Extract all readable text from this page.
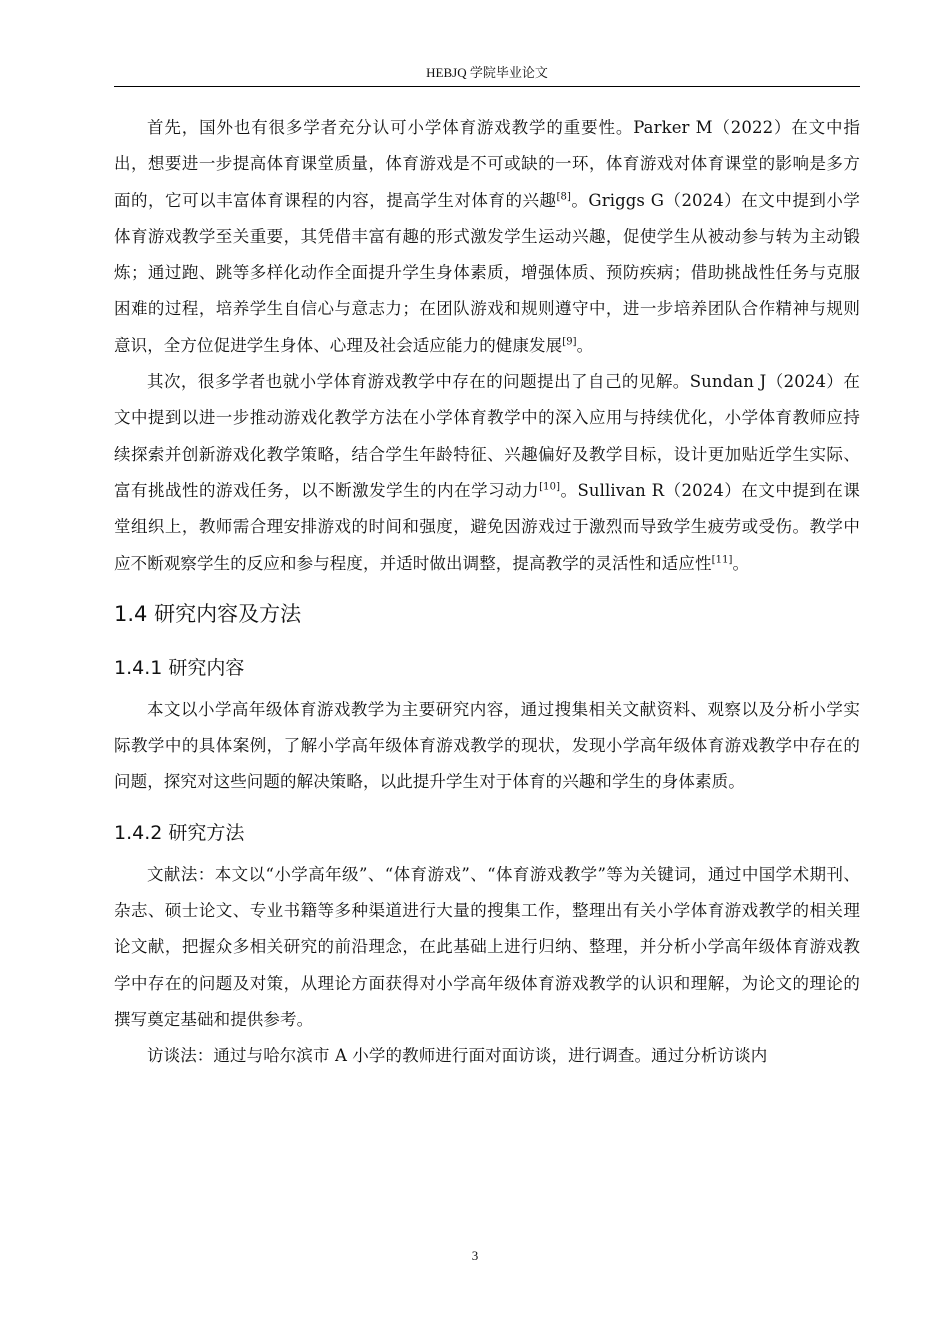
HEBJQ 学院毕业论文

首先，国外也有很多学者充分认可小学体育游戏教学的重要性。Parker M（2022）在文中指出，想要进一步提高体育课堂质量，体育游戏是不可或缺的一环，体育游戏对体育课堂的影响是多方面的，它可以丰富体育课程的内容，提高学生对体育的兴趣[8]。Griggs G（2024）在文中提到小学体育游戏教学至关重要，其凭借丰富有趣的形式激发学生运动兴趣，促使学生从被动参与转为主动锻炼；通过跑、跳等多样化动作全面提升学生身体素质，增强体质、预防疾病；借助挑战性任务与克服困难的过程，培养学生自信心与意志力；在团队游戏和规则遵守中，进一步培养团队合作精神与规则意识，全方位促进学生身体、心理及社会适应能力的健康发展[9]。

其次，很多学者也就小学体育游戏教学中存在的问题提出了自己的见解。Sundan J（2024）在文中提到以进一步推动游戏化教学方法在小学体育教学中的深入应用与持续优化，小学体育教师应持续探索并创新游戏化教学策略，结合学生年龄特征、兴趣偏好及教学目标，设计更加贴近学生实际、富有挑战性的游戏任务，以不断激发学生的内在学习动力[10]。Sullivan R（2024）在文中提到在课堂组织上，教师需合理安排游戏的时间和强度，避免因游戏过于激烈而导致学生疲劳或受伤。教学中应不断观察学生的反应和参与程度，并适时做出调整，提高教学的灵活性和适应性[11]。

1.4 研究内容及方法
1.4.1 研究内容

本文以小学高年级体育游戏教学为主要研究内容，通过搜集相关文献资料、观察以及分析小学实际教学中的具体案例，了解小学高年级体育游戏教学的现状，发现小学高年级体育游戏教学中存在的问题，探究对这些问题的解决策略，以此提升学生对于体育的兴趣和学生的身体素质。

1.4.2 研究方法

文献法：本文以“小学高年级”、“体育游戏”、“体育游戏教学”等为关键词，通过中国学术期刊、杂志、硕士论文、专业书籍等多种渠道进行大量的搜集工作，整理出有关小学体育游戏教学的相关理论文献，把握众多相关研究的前沿理念，在此基础上进行归纳、整理，并分析小学高年级体育游戏教学中存在的问题及对策，从理论方面获得对小学高年级体育游戏教学的认识和理解，为论文的理论的撰写奠定基础和提供参考。

访谈法：通过与哈尔滨市 A 小学的教师进行面对面访谈，进行调查。通过分析访谈内

3
